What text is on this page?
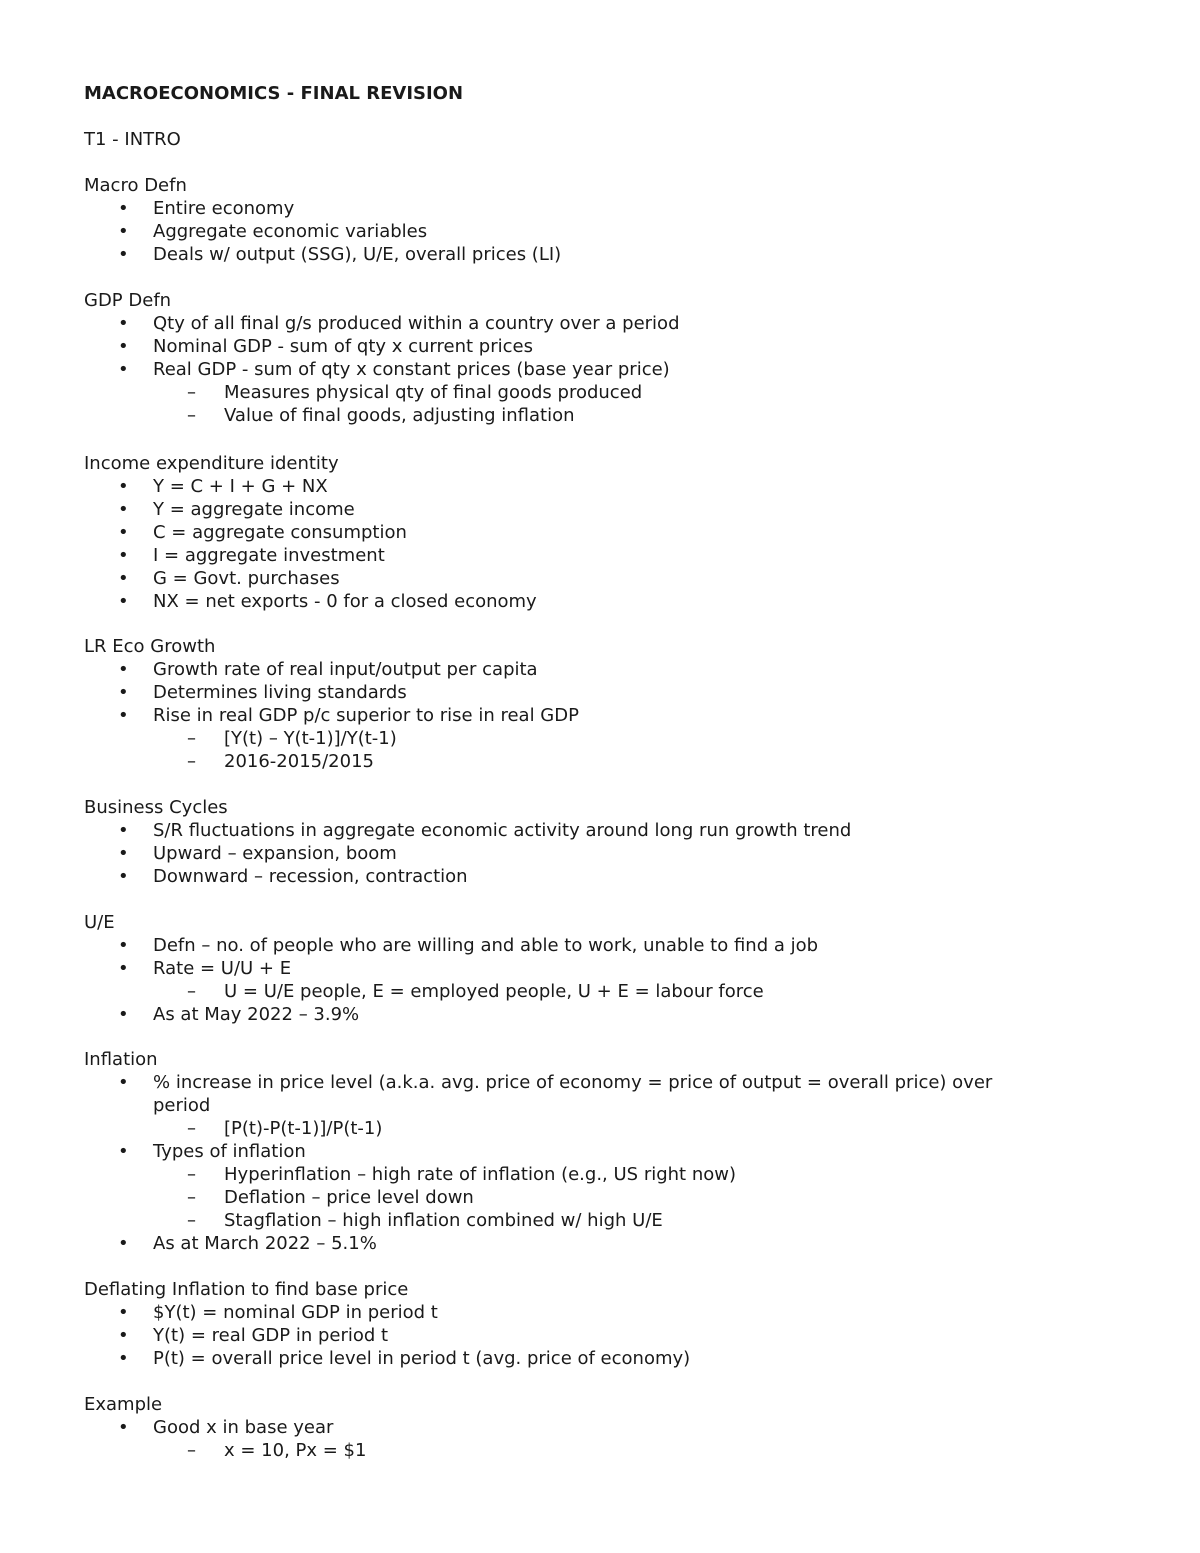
MACROECONOMICS - FINAL REVISION
T1 - INTRO
Macro Defn
• Entire economy
• Aggregate economic variables
• Deals w/ output (SSG), U/E, overall prices (LI)
GDP Defn
• Qty of all final g/s produced within a country over a period
• Nominal GDP - sum of qty x current prices
• Real GDP - sum of qty x constant prices (base year price)
– Measures physical qty of final goods produced
– Value of final goods, adjusting inflation
Income expenditure identity
• Y = C + I + G + NX
• Y = aggregate income
• C = aggregate consumption
• I = aggregate investment
• G = Govt. purchases
• NX = net exports - 0 for a closed economy
LR Eco Growth
• Growth rate of real input/output per capita
• Determines living standards
• Rise in real GDP p/c superior to rise in real GDP
– [Y(t) – Y(t-1)]/Y(t-1)
– 2016-2015/2015
Business Cycles
• S/R fluctuations in aggregate economic activity around long run growth trend
• Upward – expansion, boom
• Downward – recession, contraction
U/E
• Defn – no. of people who are willing and able to work, unable to find a job
• Rate = U/U + E
– U = U/E people, E = employed people, U + E = labour force
• As at May 2022 – 3.9%
Inflation
• % increase in price level (a.k.a. avg. price of economy = price of output = overall price) over
period
– [P(t)-P(t-1)]/P(t-1)
• Types of inflation
– Hyperinflation – high rate of inflation (e.g., US right now)
– Deflation – price level down
– Stagflation – high inflation combined w/ high U/E
• As at March 2022 – 5.1%
Deflating Inflation to find base price
• $Y(t) = nominal GDP in period t
• Y(t) = real GDP in period t
• P(t) = overall price level in period t (avg. price of economy)
Example
• Good x in base year
– x = 10, Px = $1
